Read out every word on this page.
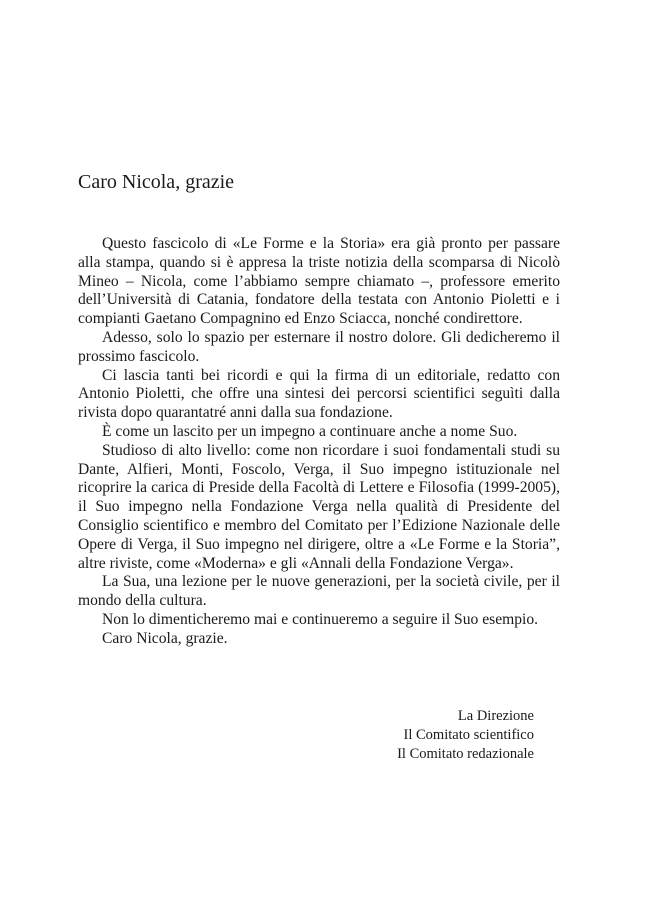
Caro Nicola, grazie

Questo fascicolo di «Le Forme e la Storia» era già pronto per passare alla stampa, quando si è appresa la triste notizia della scomparsa di Nicolò Mineo – Nicola, come l’abbiamo sempre chiamato –, professore emerito dell’Università di Catania, fondatore della testata con Antonio Pioletti e i compianti Gaetano Compagnino ed Enzo Sciacca, nonché condirettore.

Adesso, solo lo spazio per esternare il nostro dolore. Gli dedicheremo il prossimo fascicolo.

Ci lascia tanti bei ricordi e qui la firma di un editoriale, redatto con Antonio Pioletti, che offre una sintesi dei percorsi scientifici seguìti dalla rivista dopo quarantatré anni dalla sua fondazione.

È come un lascito per un impegno a continuare anche a nome Suo.

Studioso di alto livello: come non ricordare i suoi fondamentali studi su Dante, Alfieri, Monti, Foscolo, Verga, il Suo impegno istituzionale nel ricoprire la carica di Preside della Facoltà di Lettere e Filosofia (1999-2005), il Suo impegno nella Fondazione Verga nella qualità di Presidente del Consiglio scientifico e membro del Comitato per l’Edizione Nazionale delle Opere di Verga, il Suo impegno nel dirigere, oltre a «Le Forme e la Storia”, altre riviste, come «Moderna» e gli «Annali della Fondazione Verga».

La Sua, una lezione per le nuove generazioni, per la società civile, per il mondo della cultura.

Non lo dimenticheremo mai e continueremo a seguire il Suo esempio.

Caro Nicola, grazie.

La Direzione
Il Comitato scientifico
Il Comitato redazionale
